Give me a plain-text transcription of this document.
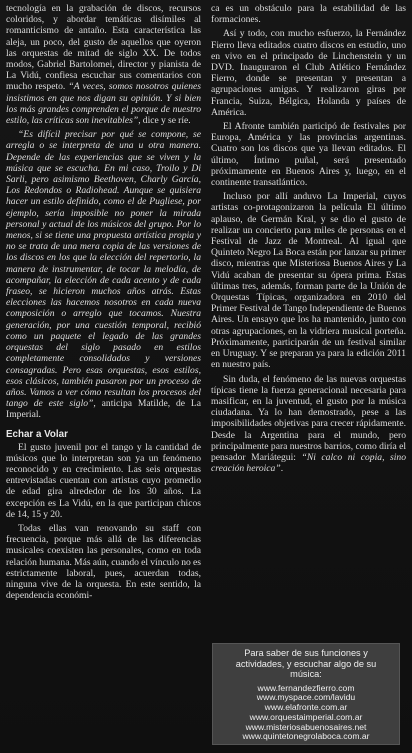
tecnología en la grabación de discos, recursos coloridos, y abordar temáticas disímiles al romanticismo de antaño. Esta característica las aleja, un poco, del gusto de aquellos que oyeron las orquestas de mitad de siglo XX. De todos modos, Gabriel Bartolomei, director y pianista de La Vidú, confiesa escuchar sus comentarios con mucho respeto. “A veces, somos nosotros quienes insistimos en que nos digan su opinión. Y si bien los más grandes comprenden el porque de nuestro estilo, las críticas son inevitables”, dice y se ríe.

“Es difícil precisar por qué se compone, se arregla o se interpreta de una u otra manera. Depende de las experiencias que se viven y la música que se escucha. En mi caso, Troilo y Di Sarli, pero asimismo Beethoven, Charly García, Los Redondos o Radiohead. Aunque se quisiera hacer un estilo definido, como el de Pugliese, por ejemplo, sería imposible no poner la mirada personal y actual de los músicos del grupo. Por lo menos, si se tiene una propuesta artística propia y no se trata de una mera copia de las versiones de los discos en los que la elección del repertorio, la manera de instrumentar, de tocar la melodía, de acompañar, la elección de cada acento y de cada fraseo, se hicieron muchos años atrás. Estas elecciones las hacemos nosotros en cada nueva composición o arreglo que tocamos. Nuestra generación, por una cuestión temporal, recibió como un paquete el legado de las grandes orquestas del siglo pasado en estilos completamente consolidados y versiones consagradas. Pero esas orquestas, esos estilos, esos clásicos, también pasaron por un proceso de años. Vamos a ver cómo resultan los procesos del tango de este siglo”, anticipa Matilde, de La Imperial.

Echar a Volar

El gusto juvenil por el tango y la cantidad de músicos que lo interpretan son ya un fenómeno reconocido y en crecimiento. Las seis orquestas entrevistadas cuentan con artistas cuyo promedio de edad gira alrededor de los 30 años. La excepción es La Vidú, en la que participan chicos de 14, 15 y 20.

Todas ellas van renovando su staff con frecuencia, porque más allá de las diferencias musicales coexisten las personales, como en toda relación humana. Más aún, cuando el vínculo no es estrictamente laboral, pues, acuerdan todas, ninguna vive de la orquesta. En este sentido, la dependencia económi-

ca es un obstáculo para la estabilidad de las formaciones.

Así y todo, con mucho esfuerzo, la Fernández Fierro lleva editados cuatro discos en estudio, uno en vivo en el principado de Linchenstein y un DVD. Inauguraron el Club Atlético Fernández Fierro, donde se presentan y presentan a agrupaciones amigas. Y realizaron giras por Francia, Suiza, Bélgica, Holanda y países de América.

El Afronte también participó de festivales por Europa, América y las provincias argentinas. Cuatro son los discos que ya llevan editados. El último, Íntimo puñal, será presentado próximamente en Buenos Aires y, luego, en el continente transatlántico.

Incluso por allí anduvo La Imperial, cuyos artistas co-protagonizaron la película El último aplauso, de Germán Kral, y se dio el gusto de realizar un concierto para miles de personas en el Festival de Jazz de Montreal. Al igual que Quinteto Negro La Boca están por lanzar su primer disco, mientras que Misteriosa Buenos Aires y La Vidú acaban de presentar su ópera prima. Estas últimas tres, además, forman parte de la Unión de Orquestas Típicas, organizadora en 2010 del Primer Festival de Tango Independiente de Buenos Aires. Un ensayo que los ha mantenido, junto con otras agrupaciones, en la vidriera musical porteña. Próximamente, participarán de un festival similar en Uruguay. Y se preparan ya para la edición 2011 en nuestro país.

Sin duda, el fenómeno de las nuevas orquestas típicas tiene la fuerza generacional necesaria para masificar, en la juventud, el gusto por la música ciudadana. Ya lo han demostrado, pese a las imposibilidades objetivas para crecer rápidamente. Desde la Argentina para el mundo, pero principalmente para nuestros barrios, como diría el pensador Mariátegui: “Ni calco ni copia, sino creación heroica”.

Para saber de sus funciones y actividades, y escuchar algo de su música:
www.fernandezfierro.com
www.myspace.com/lavidu
www.elafronte.com.ar
www.orquestaimperial.com.ar
www.misteriosabuenosaires.net
www.quintetonegrolaboca.com.ar
